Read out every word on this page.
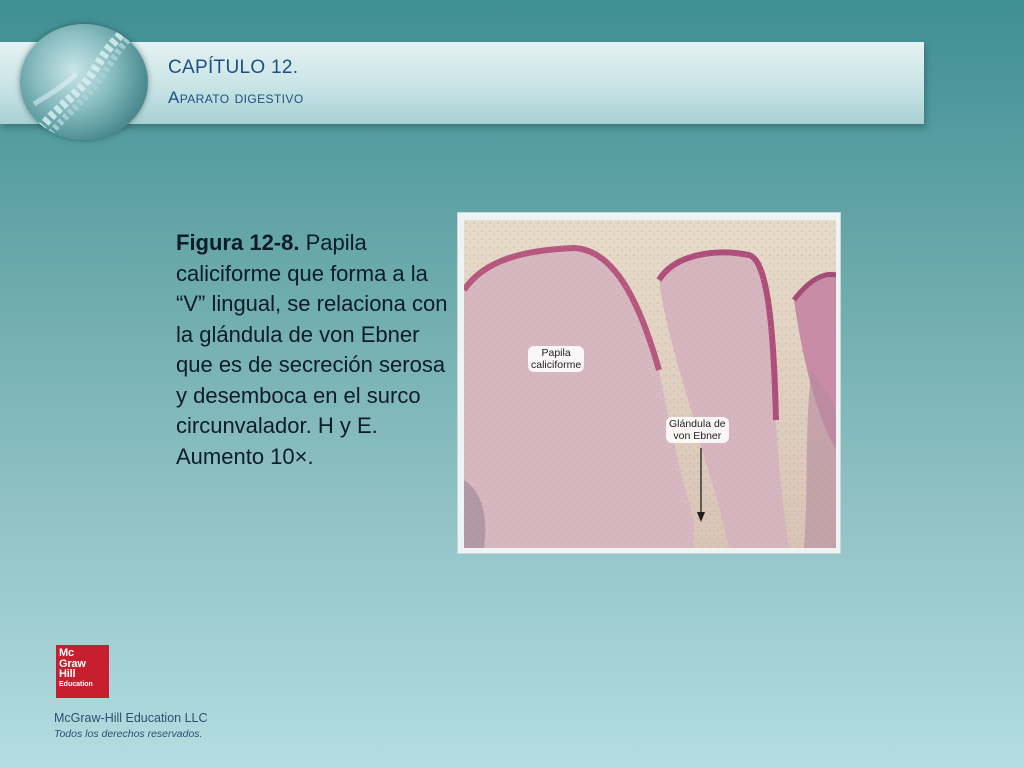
CAPÍTULO 12.
Aparato digestivo
Figura 12-8. Papila caliciforme que forma a la “V” lingual, se relaciona con la glándula de von Ebner que es de secreción serosa y desemboca en el surco circunvalador. H y E. Aumento 10×.
Papila
caliciforme
Glándula de
von Ebner
Mc
Graw
Hill
Education
McGraw-Hill Education LLC
Todos los derechos reservados.
